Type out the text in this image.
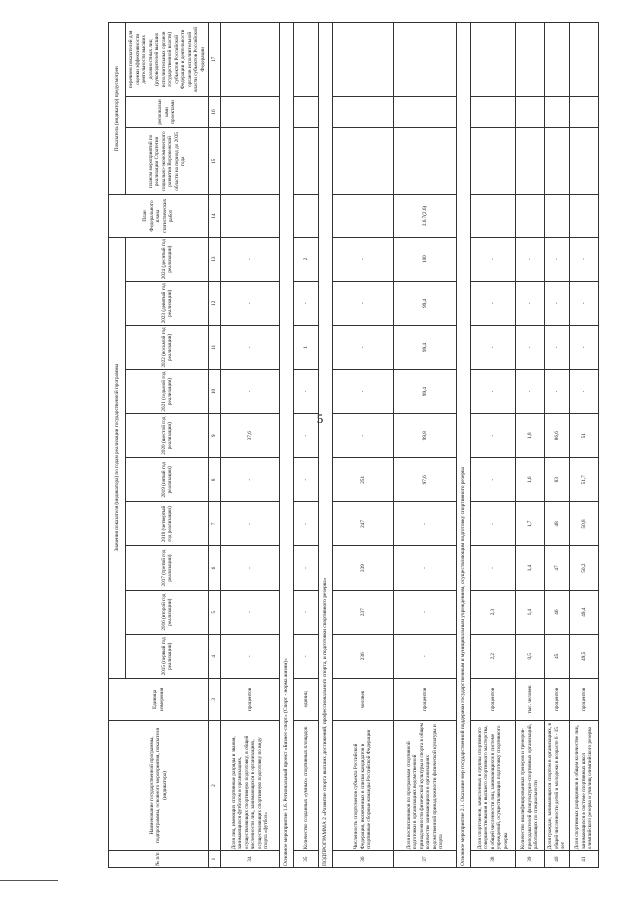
5
№ п/п	Наименование государственной программы, подпрограммы, основного мероприятия, показателя (индикатора)	Единица измерения	Значения показателя (индикатора) по годам реализации государственной программы										План Федерального плана статистических работ	Показатель (индикатор) предусмотрен		
			2015 (первый год реализации)	2016 (второй год реализации)	2017 (третий год реализации)	2018 (четвертый год реализации)	2019 (пятый год реализации)	2020 (шестой год реализации)	2021 (седьмой год реализации)	2022 (восьмой год реализации)	2023 (девятый год реализации)	2024 (десятый год реализации)		планом мероприятий по реализации Стратегии социально-экономического развития Воронежской области на период до 2035 года	региональными проектами	перечнем показателей для оценки эффективности деятельности высших должностных лиц (руководителей высших исполнительных органов государственной власти) субъектов Российской Федерации и деятельности органов исполнительной власти субъектов Российской Федерации
1	2	3	4	5	6	7	8	9	10	11	12	13	14	15	16	17
34	Доля лиц, имеющих спортивные разряды и звания, занимающихся футболом в организациях, осуществляющих спортивную подготовку, в общей численности лиц, занимающихся в организациях, осуществляющих спортивную подготовку по виду спорта «футбол»	процентов	-	-	-	-	-	37,6	-	-	-	-				
Основное мероприятие 1.6. Региональный проект «Бизнес-спорт» (Спорт - норма жизни)»																
35	Количество созданных «умных» спортивных площадок	единиц	-	-	-	-	-	-	-	1	-	2				
ПОДПРОГРАММА 2 «Развитие спорта высших достижений, профессионального спорта, и подготовки спортивного резерва»																
36	Численность спортсменов субъекта Российской Федерации, включенных в списки кандидатов в спортивные сборные команды Российской Федерации	человек	236	237	239	247	251	-	-	-	-	-				
37	Доля воспитанников по программам спортивной подготовки в организациях ведомственной принадлежности физической культуры и спорта в общем количестве занимающихся в организациях ведомственной принадлежности физической культуры и спорта	процентов	-	-	-	-	97,6	99,8	99,4	99,4	99,4	100	2.6.7(2.6)			
Основное мероприятие 2.1. Оказание мер государственной поддержки государственным и муниципальным учреждениям, осуществляющим подготовку спортивного резерва																
38	Доля спортсменов, зачисленных в группы спортивного совершенствования и высшего спортивного мастерства, в общей численности лиц, занимающихся в системе учреждений, осуществляющих подготовку спортивного резерва	процентов	2,2	2,3	-	-	-	-	-	-	-	-				
39	Количество квалифицированных тренеров и тренеров-преподавателей физкультурно-спортивных организаций, работающих по специальности	тыс. человек	0,5	1,4	1,4	1,7	1,6	1,8	-	-	-	-				
40	Доля граждан, занимающихся спортом в организациях, в общей численности детей и молодежи в возрасте 6 - 15 лет	процентов	45	46	47	48	83	86,6	-	-	-	-				
41	Доля спортивных разрядников в общем количестве лиц, занимающихся в системе спортивных школ олимпийского резерва и училищ олимпийского резерва	процентов	49,5	49,4	50,2	50,8	51,7	51	-	-	-	-				
